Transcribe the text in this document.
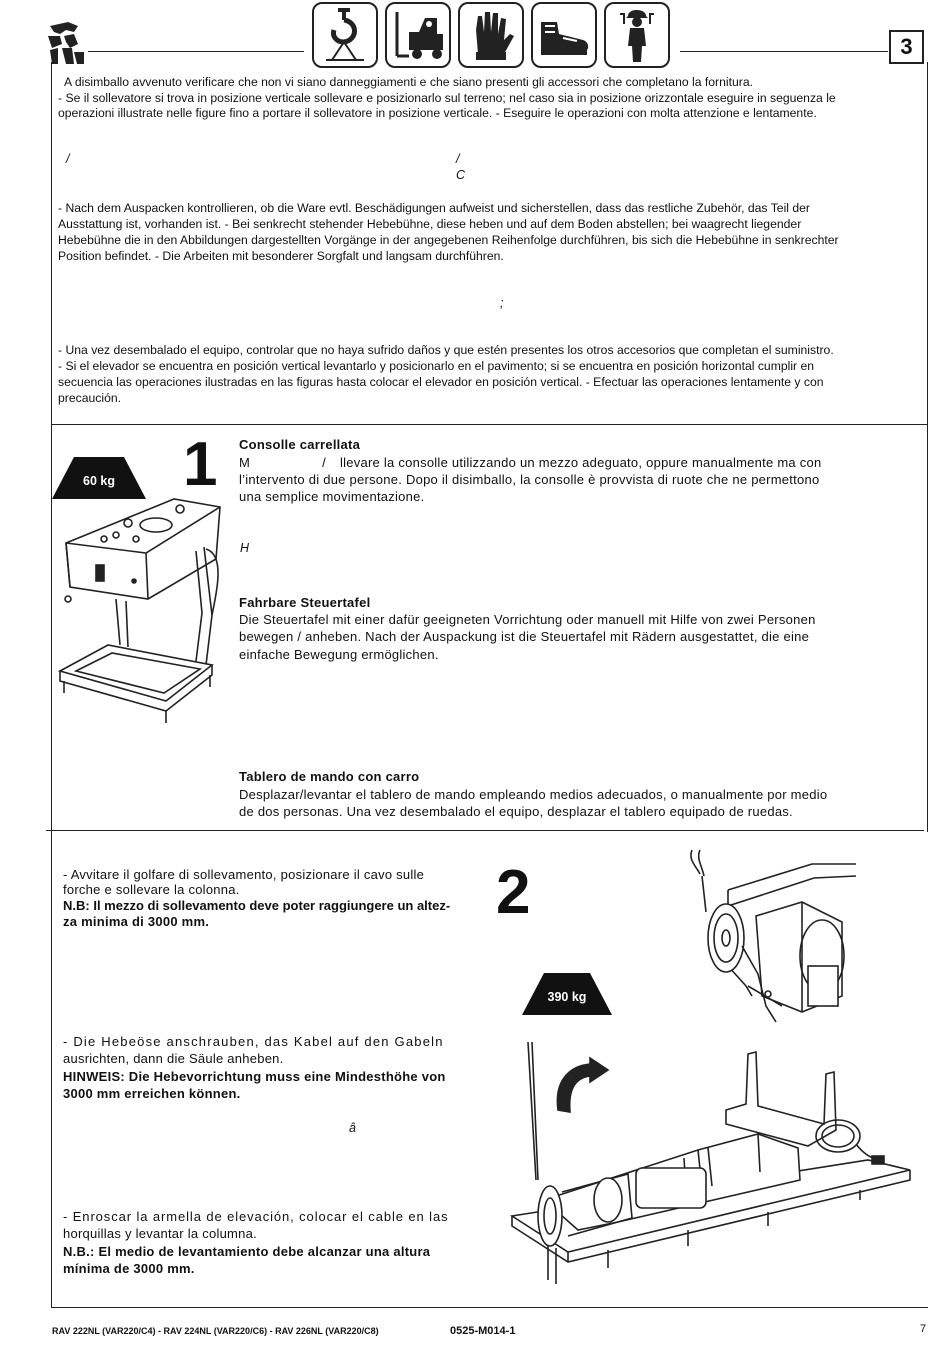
3
A disimballo avvenuto verificare che non vi siano danneggiamenti e che siano presenti gli accessori che completano la fornitura.
- Se il sollevatore si trova in posizione verticale sollevare e posizionarlo sul terreno; nel caso sia in posizione orizzontale eseguire in seguenza le
operazioni illustrate nelle figure fino a portare il sollevatore in posizione verticale. - Eseguire le operazioni con molta attenzione e lentamente.
/	/
C
- Nach dem Auspacken kontrollieren, ob die Ware evtl. Beschädigungen aufweist und sicherstellen, dass das restliche Zubehör, das Teil der
Ausstattung ist, vorhanden ist. - Bei senkrecht stehender Hebebühne, diese heben und auf dem Boden abstellen; bei waagrecht liegender
Hebebühne die in den Abbildungen dargestellten Vorgänge in der angegebenen Reihenfolge durchführen, bis sich die Hebebühne in senkrechter
Position befindet. - Die Arbeiten mit besonderer Sorgfalt und langsam durchführen.
;
- Una vez desembalado el equipo, controlar que no haya sufrido daños y que estén presentes los otros accesorios que completan el suministro.
- Si el elevador se encuentra en posición vertical levantarlo y posicionarlo en el pavimento; si se encuentra en posición horizontal cumplir en
secuencia las operaciones ilustradas en las figuras hasta colocar el elevador en posición vertical. - Efectuar las operaciones lentamente y con
precaución.
1
60 kg
Consolle carrellata
M	/ llevare la consolle utilizzando un mezzo adeguato, oppure manualmente ma con
l’intervento di due persone. Dopo il disimballo, la consolle è provvista di ruote che ne permettono
una semplice movimentazione.
H
Fahrbare Steuertafel
Die Steuertafel mit einer dafür geeigneten Vorrichtung oder manuell mit Hilfe von zwei Personen
bewegen / anheben. Nach der Auspackung ist die Steuertafel mit Rädern ausgestattet, die eine
einfache Bewegung ermöglichen.
Tablero de mando con carro
Desplazar/levantar el tablero de mando empleando medios adecuados, o manualmente por medio
de dos personas. Una vez desembalado el equipo, desplazar el tablero equipado de ruedas.
- Avvitare il golfare di sollevamento, posizionare il cavo sulle
forche e sollevare la colonna.
N.B: Il mezzo di sollevamento deve poter raggiungere un altez-
za minima di 3000 mm.	2
390 kg
- Die Hebeöse anschrauben, das Kabel auf den Gabeln
ausrichten, dann die Säule anheben.
HINWEIS: Die Hebevorrichtung muss eine Mindesthöhe von
3000 mm erreichen können.
â
- Enroscar la armella de elevación, colocar el cable en las
horquillas y levantar la columna.
N.B.: El medio de levantamiento debe alcanzar una altura
mínima de 3000 mm.
RAV 222NL (VAR220/C4) - RAV 224NL (VAR220/C6) - RAV 226NL (VAR220/C8)	0525-M014-1	7
